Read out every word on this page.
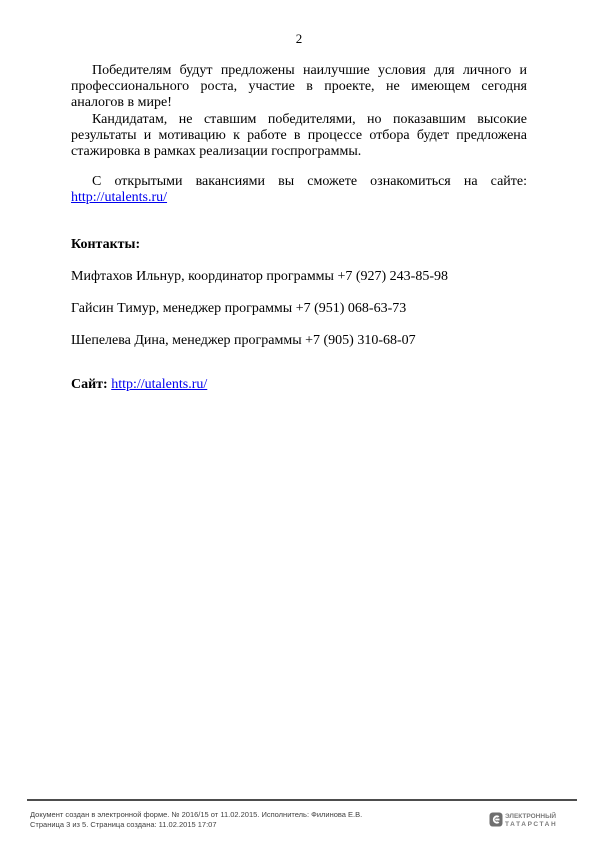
2

Победителям будут предложены наилучшие условия для личного и профессионального роста, участие в проекте, не имеющем сегодня аналогов в мире!

Кандидатам, не ставшим победителями, но показавшим высокие результаты и мотивацию к работе в процессе отбора будет предложена стажировка в рамках реализации госпрограммы.

С открытыми вакансиями вы сможете ознакомиться на сайте:

http://utalents.ru/

Контакты:

Мифтахов Ильнур, координатор программы +7 (927) 243-85-98

Гайсин Тимур, менеджер программы +7 (951) 068-63-73

Шепелева Дина, менеджер программы +7 (905) 310-68-07

Сайт: http://utalents.ru/

Документ создан в электронной форме. № 2016/15 от 11.02.2015. Исполнитель: Филинова Е.В.
Страница 3 из 5. Страница создана: 11.02.2015 17:07
ЭЛЕКТРОННЫЙ
ТАТАРСТАН
